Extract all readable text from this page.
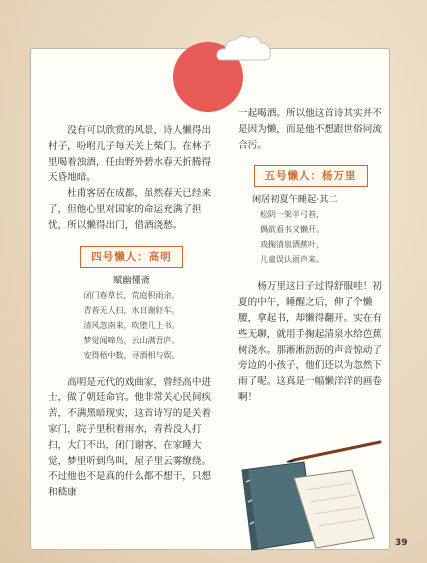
没有可以欣赏的风景，诗人懒得出村子，吩咐儿子每天关上柴门。在林子里喝着浊酒，任由野外碧水春天折腾得天昏地暗。

杜甫客居在成都，虽然春天已经来了，但他心里对国家的命运充满了担忧，所以懒得出门，借酒浇愁。

四号懒人：高明
赋幽懂斋
闭门春草长，荒庭积雨余。
青苔无人扫，水日谢轩车。
清风忽南来，吹堕几上书。
梦觉闻啼鸟，云山满吾庐。
安得梧中数，寻酒相与娱。

高明是元代的戏曲家，曾经高中进士，做了朝廷命官。他非常关心民间疾苦，不满黑暗现实，这首诗写的是关着家门，院子里积着雨水，青苔没人打扫，大门不出，闭门谢客，在家睡大觉，梦里听到鸟叫，屋子里云雾缭绕。不过他也不是真的什么都不想干，只想和嵇康

一起喝酒。所以他这首诗其实并不是因为懒，而是他不想跟世俗同流合污。

五号懒人：杨万里
闲居初夏午睡起·其二
松阴一架半弓苔，
偶欲看书又懒开。
戏掬清泉洒蕉叶，
儿童误认雨声来。

杨万里这日子过得舒服哇！初夏的中午，睡醒之后，伸了个懒腰，拿起书，却懒得翻开。实在有些无聊，就用手掬起清泉水给芭蕉树浇水。那淅淅沥沥的声音惊动了旁边的小孩子，他们还以为忽然下雨了呢。这真是一幅懒洋洋的画卷啊！

39
